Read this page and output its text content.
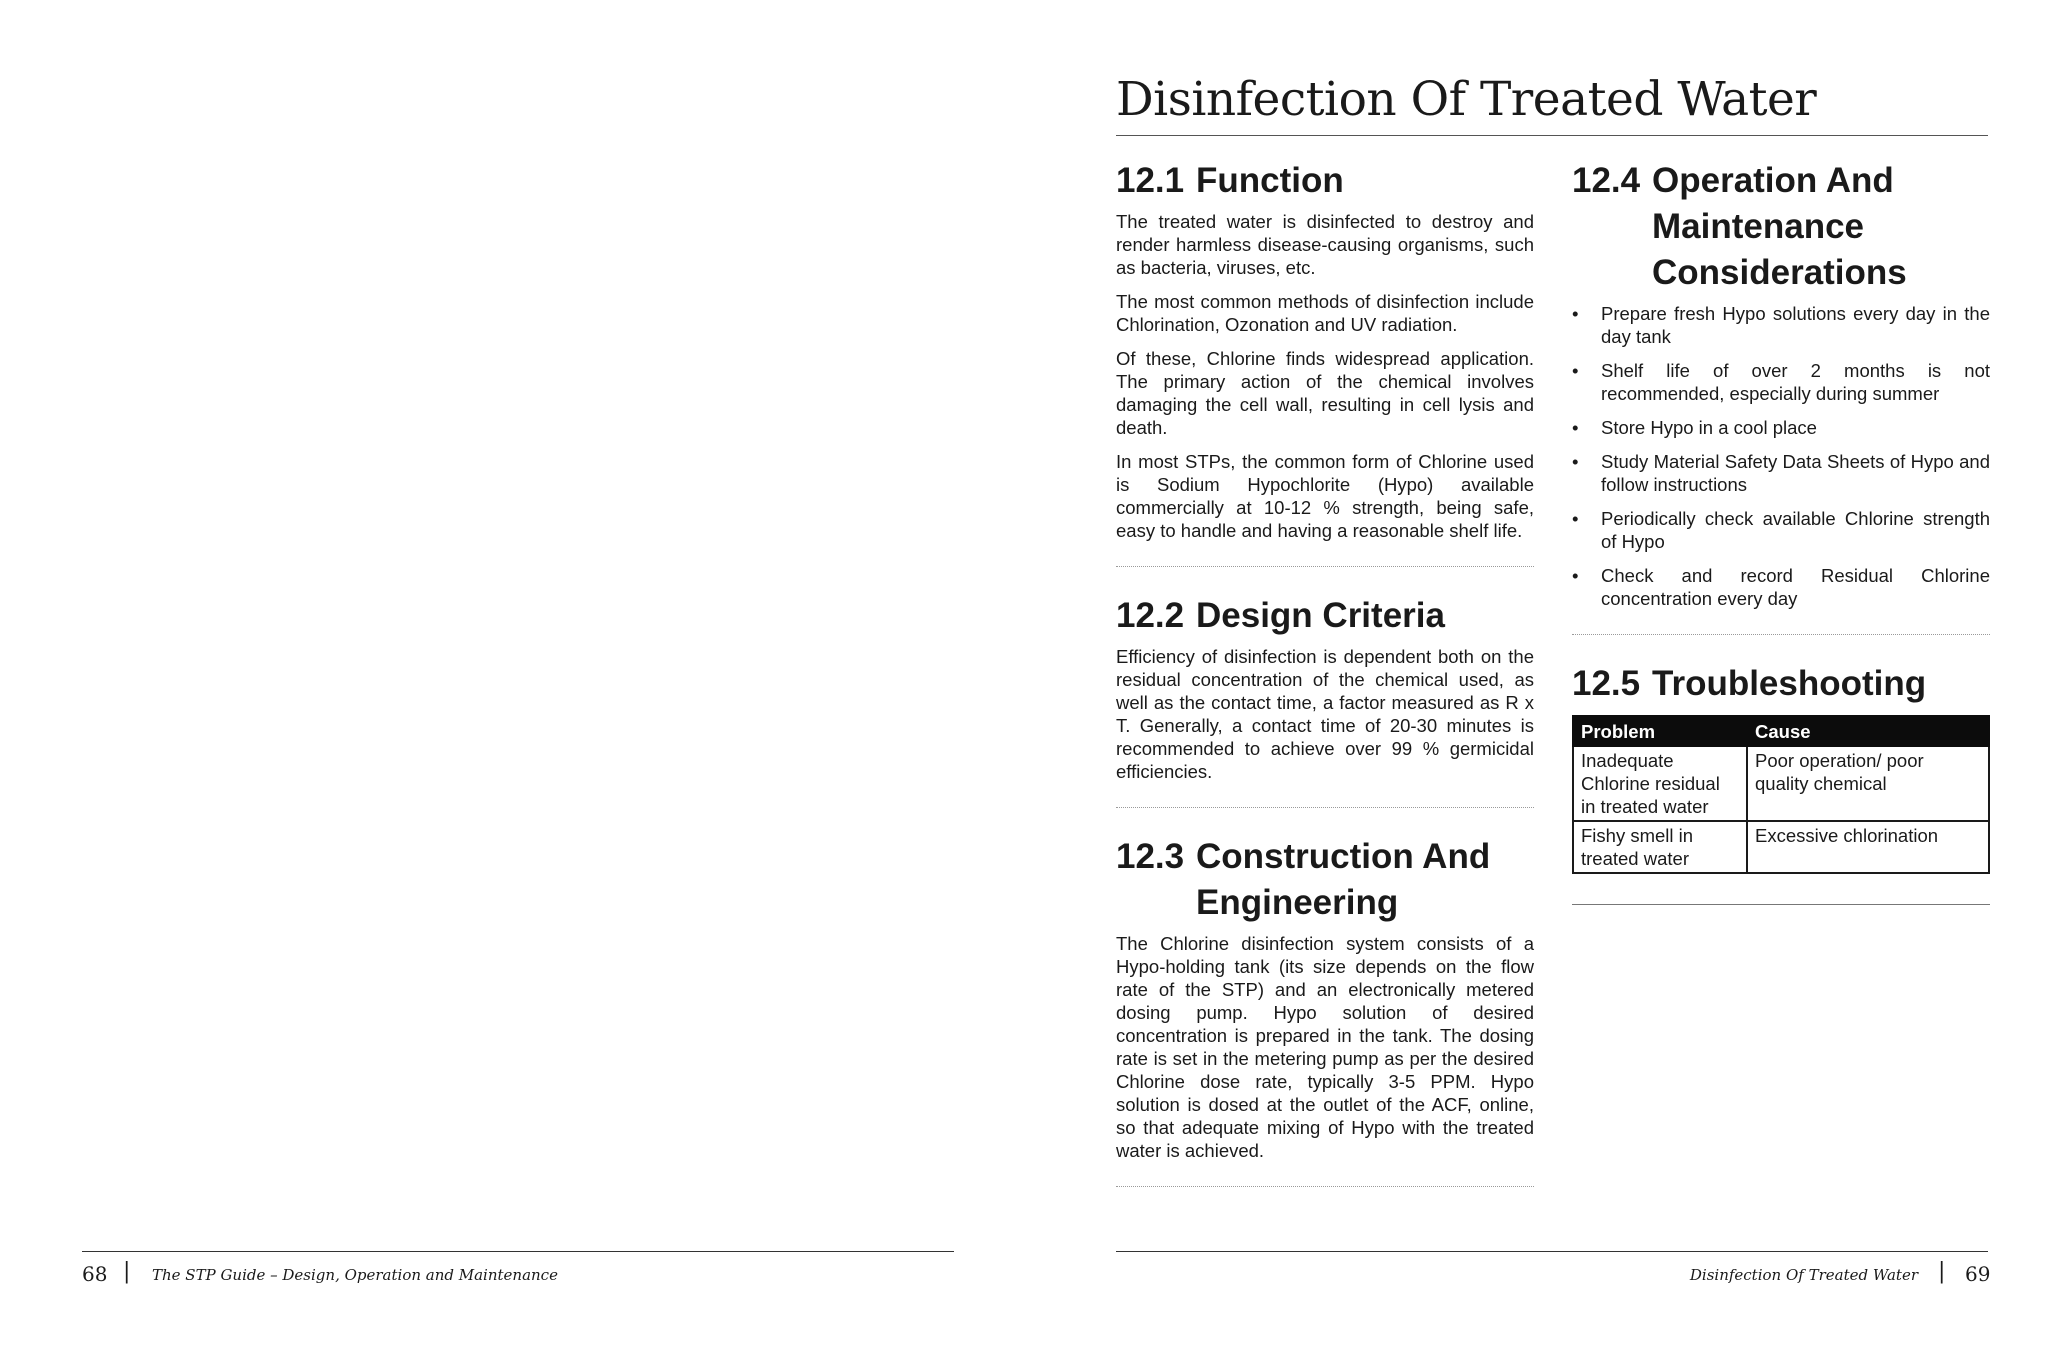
Disinfection Of Treated Water
12.1 Function

The treated water is disinfected to destroy and render harmless disease-causing organisms, such as bacteria, viruses, etc.

The most common methods of disinfection include Chlorination, Ozonation and UV radiation.

Of these, Chlorine finds widespread application. The primary action of the chemical involves damaging the cell wall, resulting in cell lysis and death.

In most STPs, the common form of Chlorine used is Sodium Hypochlorite (Hypo) available commercially at 10-12 % strength, being safe, easy to handle and having a reasonable shelf life.

12.2 Design Criteria

Efficiency of disinfection is dependent both on the residual concentration of the chemical used, as well as the contact time, a factor measured as R x T. Generally, a contact time of 20-30 minutes is recommended to achieve over 99 % germicidal efficiencies.

12.3 Construction And
Engineering

The Chlorine disinfection system consists of a Hypo-holding tank (its size depends on the flow rate of the STP) and an electronically metered dosing pump. Hypo solution of desired concentration is prepared in the tank. The dosing rate is set in the metering pump as per the desired Chlorine dose rate, typically 3-5 PPM. Hypo solution is dosed at the outlet of the ACF, online, so that adequate mixing of Hypo with the treated water is achieved.

12.4 Operation And
Maintenance
Considerations
• Prepare fresh Hypo solutions every day in the day tank
• Shelf life of over 2 months is not recommended, especially during summer
• Store Hypo in a cool place
• Study Material Safety Data Sheets of Hypo and follow instructions
• Periodically check available Chlorine strength of Hypo
• Check and record Residual Chlorine concentration every day
12.5 Troubleshooting
Problem	Cause
Inadequate Chlorine residual in treated water	Poor operation/ poor quality chemical
Fishy smell in treated water	Excessive chlorination
68 | The STP Guide – Design, Operation and Maintenance	Disinfection Of Treated Water | 69
